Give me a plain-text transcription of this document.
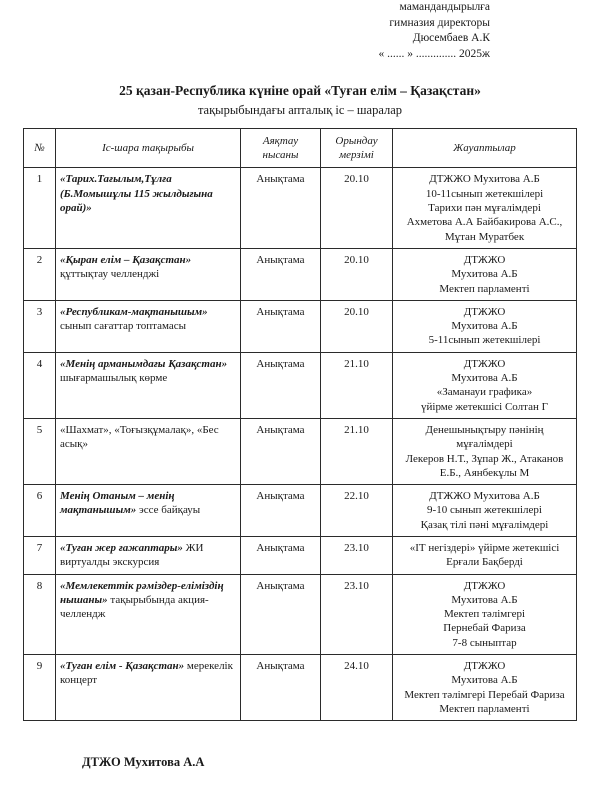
мамандандырылға
гимназия директоры
Дюсембаев А.К
« ...... » .............. 2025ж
25 қазан-Республика күніне орай «Туған елім – Қазақстан»
тақырыбындағы апталық іс – шаралар
№	Іс-шара тақырыбы	Аяқтау нысаны	Орындау мерзімі	Жауаптылар
1	«Тарих.Тағылым,Тұлға (Б.Момышұлы 115 жылдығына орай)»	Анықтама	20.10	ДТЖЖО Мухитова А.Б
10-11сынып жетекшілері
Тарихи пән мұғалімдері
Ахметова А.А Байбакирова А.С.,
Мұтан Муратбек

2	«Қыран елім – Қазақстан» құттықтау челленджі	Анықтама	20.10	ДТЖЖО
Мухитова А.Б
Мектеп парламенті

3	«Республикам-мақтанышым» сынып сағаттар топтамасы	Анықтама	20.10	ДТЖЖО
Мухитова А.Б
5-11сынып жетекшілері

4	«Менің арманымдағы Қазақстан» шығармашылық көрме	Анықтама	21.10	ДТЖЖО
Мухитова А.Б
«Заманауи графика»
үйірме жетекшісі Солтан Г

5	«Шахмат», «Тоғызқұмалақ», «Бес асық»	Анықтама	21.10	Денешынықтыру пәнінің
мұғалімдері
Лекеров Н.Т., Зұпар Ж., Атаканов
Е.Б., Аянбекұлы М

6	Менің Отаным – менің мақтанышым» эссе байқауы	Анықтама	22.10	ДТЖЖО Мухитова А.Б
9-10 сынып жетекшілері
Қазақ тілі пәні мұғалімдері

7	«Туған жер ғажаптары» ЖИ виртуалды экскурсия	Анықтама	23.10	«ІТ негіздері» үйірме жетекшісі
Ерғали Бақберді

8	«Мемлекеттік рәміздер-еліміздің нышаны» тақырыбында акция-челлендж	Анықтама	23.10	ДТЖЖО
Мухитова А.Б
Мектеп тәлімгері
Пернебай Фариза
7-8 сыныптар

9	«Туған елім - Қазақстан» мерекелік концерт	Анықтама	24.10	ДТЖЖО
Мухитова А.Б
Мектеп тәлімгері Перебай Фариза
Мектеп парламенті
ДТЖО Мухитова А.А
